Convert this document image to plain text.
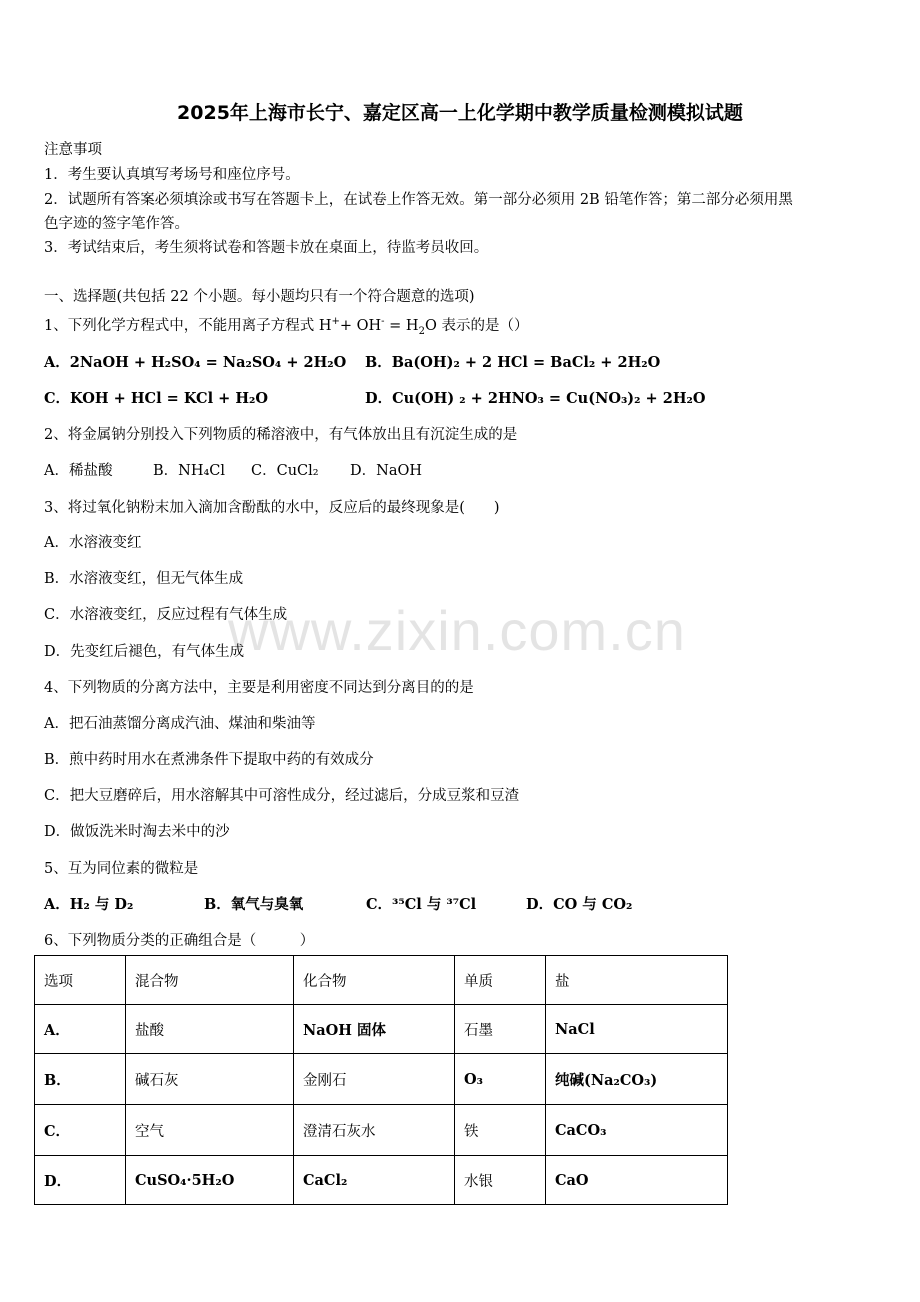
2025年上海市长宁、嘉定区高一上化学期中教学质量检测模拟试题
注意事项
1．考生要认真填写考场号和座位序号。
2．试题所有答案必须填涂或书写在答题卡上，在试卷上作答无效。第一部分必须用 2B 铅笔作答；第二部分必须用黑
色字迹的签字笔作答。
3．考试结束后，考生须将试卷和答题卡放在桌面上，待监考员收回。
一、选择题(共包括 22 个小题。每小题均只有一个符合题意的选项)
1、下列化学方程式中，不能用离子方程式 $H^++ OH^- = H_2O$ 表示的是（）
A．2NaOH + H₂SO₄ = Na₂SO₄ + 2H₂O B．Ba(OH)₂ + 2 HCl = BaCl₂ + 2H₂O
C．KOH + HCl = KCl + H₂O	D．Cu(OH) ₂ + 2HNO₃ = Cu(NO₃)₂ + 2H₂O
2、将金属钠分别投入下列物质的稀溶液中，有气体放出且有沉淀生成的是
A．稀盐酸	B．NH₄Cl C．CuCl₂ D．NaOH
3、将过氧化钠粉末加入滴加含酚酞的水中，反应后的最终现象是(　　)
A．水溶液变红
B．水溶液变红，但无气体生成
C．水溶液变红，反应过程有气体生成
D．先变红后褪色，有气体生成
4、下列物质的分离方法中，主要是利用密度不同达到分离目的的是
A．把石油蒸馏分离成汽油、煤油和柴油等
B．煎中药时用水在煮沸条件下提取中药的有效成分
C．把大豆磨碎后，用水溶解其中可溶性成分，经过滤后，分成豆浆和豆渣
D．做饭洗米时淘去米中的沙
5、互为同位素的微粒是
A．H₂ 与 D₂	B．氧气与臭氧	C．³⁵Cl 与 ³⁷Cl	D．CO 与 CO₂
6、下列物质分类的正确组合是（　　　）
选项	混合物	化合物	单质	盐
A．	盐酸	NaOH 固体	石墨	NaCl
B．	碱石灰	金刚石	O₃	纯碱(Na₂CO₃)
C．	空气	澄清石灰水	铁	CaCO₃
D．	CuSO₄·5H₂O	CaCl₂	水银	CaO
www.zixin.com.cn
